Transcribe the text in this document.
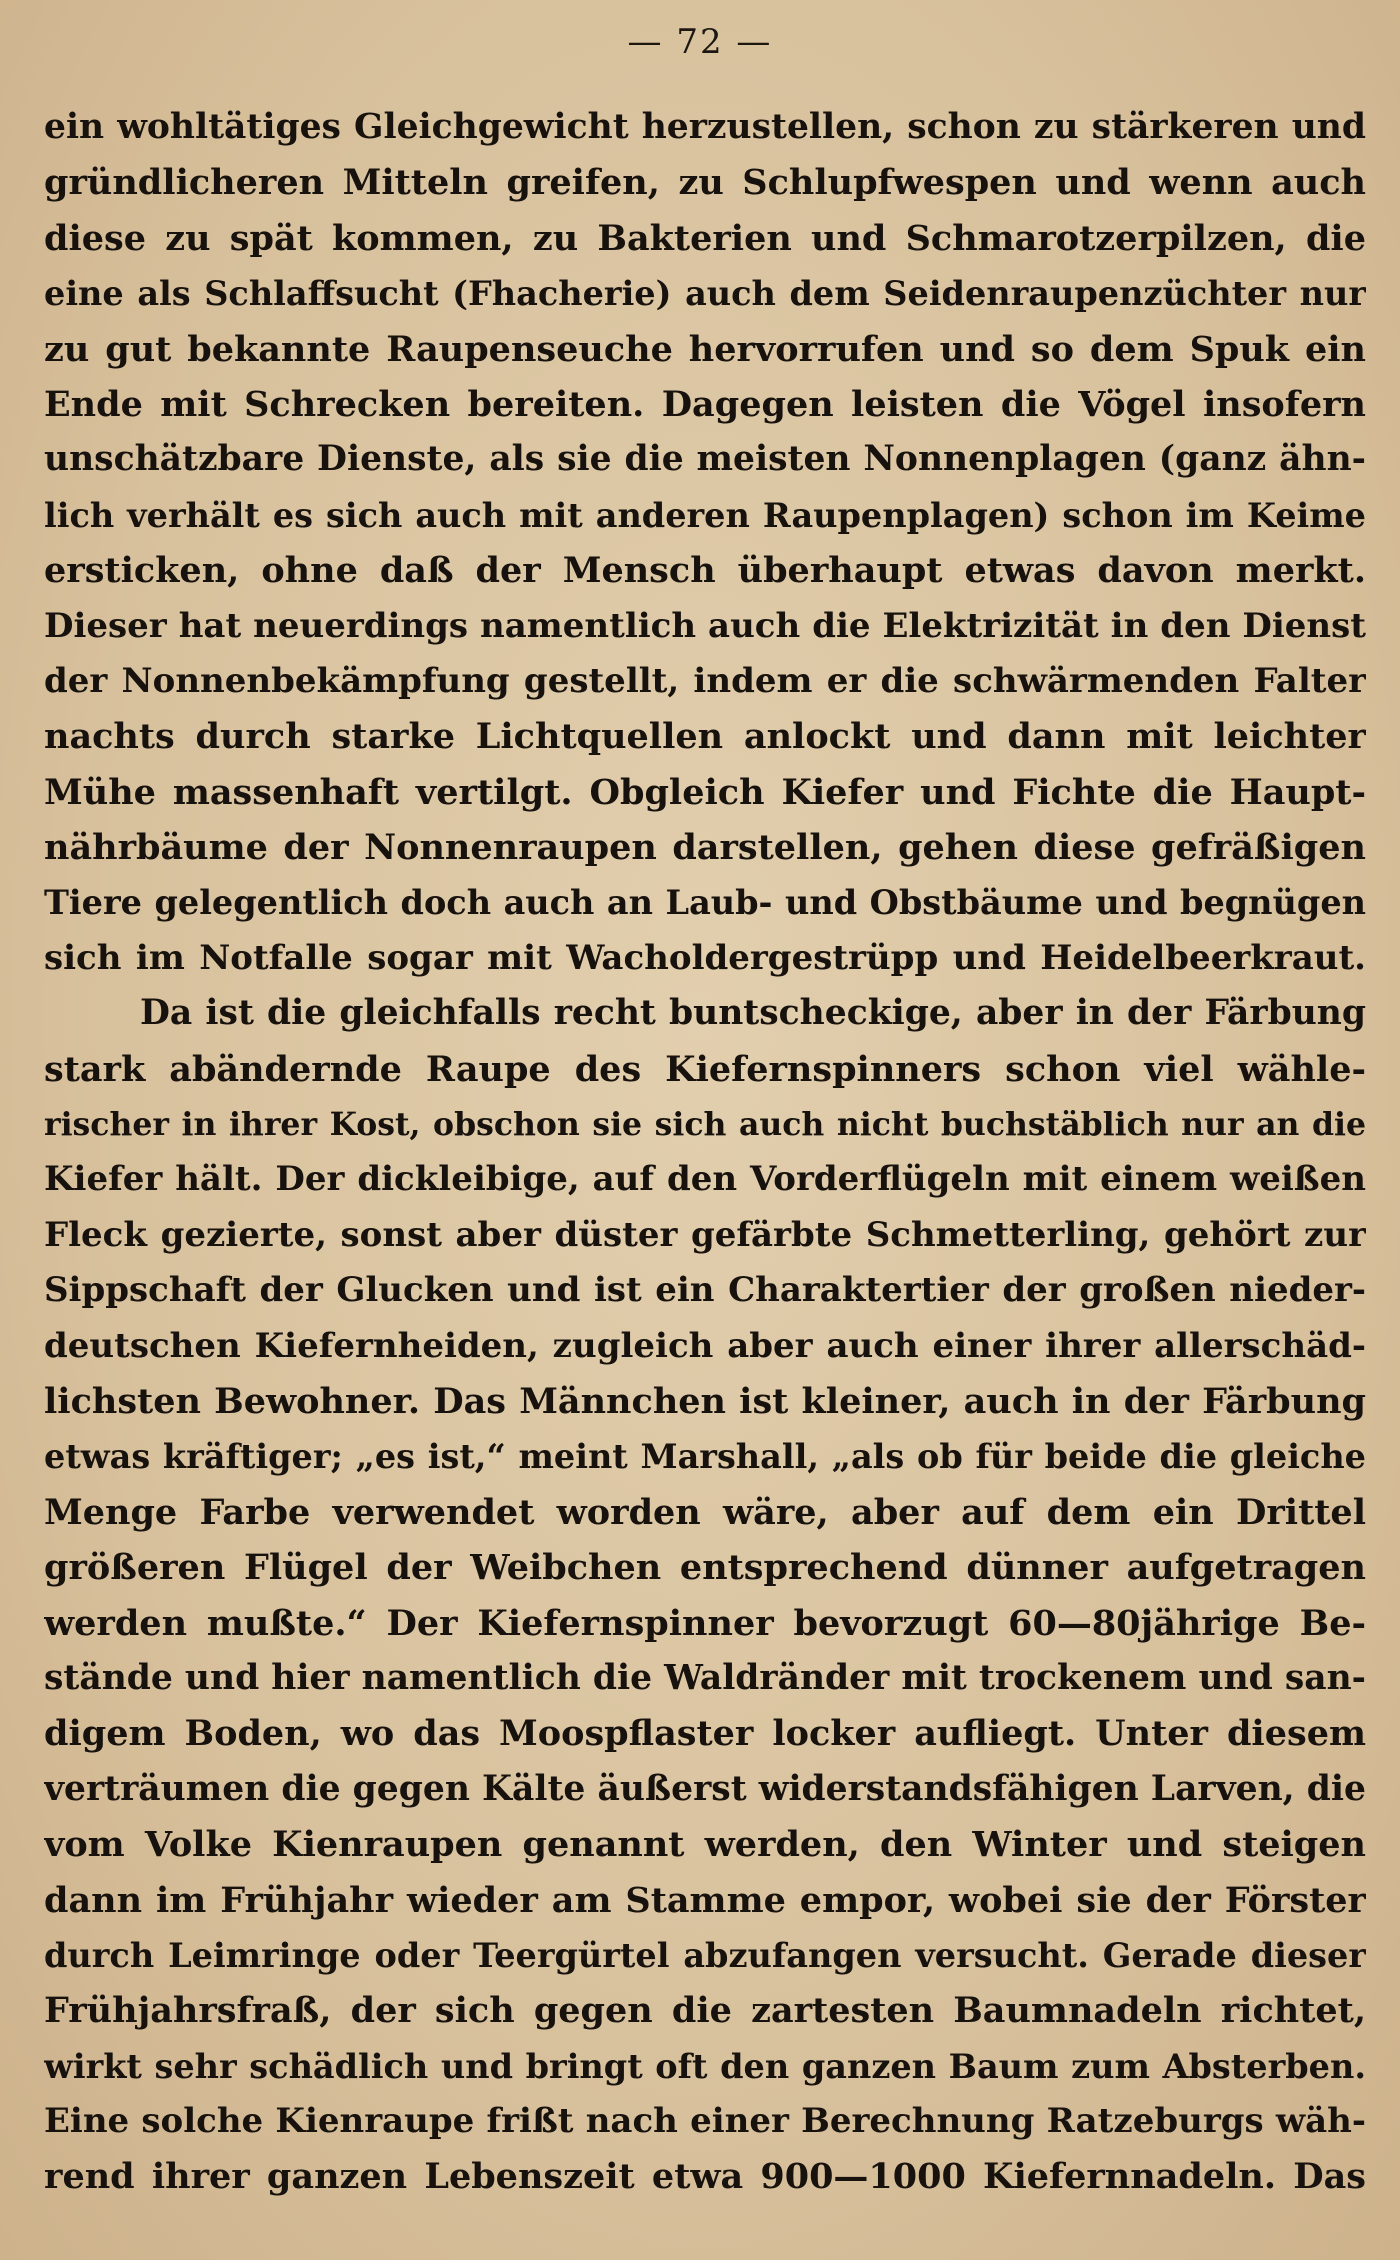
— 72 —
ein wohltätiges Gleichgewicht herzustellen, schon zu stärkeren und
gründlicheren Mitteln greifen, zu Schlupfwespen und wenn auch
diese zu spät kommen, zu Bakterien und Schmarotzerpilzen, die
eine als Schlaffsucht (Fhacherie) auch dem Seidenraupenzüchter nur
zu gut bekannte Raupenseuche hervorrufen und so dem Spuk ein
Ende mit Schrecken bereiten. Dagegen leisten die Vögel insofern
unschätzbare Dienste, als sie die meisten Nonnenplagen (ganz ähn-
lich verhält es sich auch mit anderen Raupenplagen) schon im Keime
ersticken, ohne daß der Mensch überhaupt etwas davon merkt.
Dieser hat neuerdings namentlich auch die Elektrizität in den Dienst
der Nonnenbekämpfung gestellt, indem er die schwärmenden Falter
nachts durch starke Lichtquellen anlockt und dann mit leichter
Mühe massenhaft vertilgt. Obgleich Kiefer und Fichte die Haupt-
nährbäume der Nonnenraupen darstellen, gehen diese gefräßigen
Tiere gelegentlich doch auch an Laub- und Obstbäume und begnügen
sich im Notfalle sogar mit Wacholdergestrüpp und Heidelbeerkraut.
Da ist die gleichfalls recht buntscheckige, aber in der Färbung
stark abändernde Raupe des Kiefernspinners schon viel wähle-
rischer in ihrer Kost, obschon sie sich auch nicht buchstäblich nur an die
Kiefer hält. Der dickleibige, auf den Vorderflügeln mit einem weißen
Fleck gezierte, sonst aber düster gefärbte Schmetterling, gehört zur
Sippschaft der Glucken und ist ein Charaktertier der großen nieder-
deutschen Kiefernheiden, zugleich aber auch einer ihrer allerschäd-
lichsten Bewohner. Das Männchen ist kleiner, auch in der Färbung
etwas kräftiger; „es ist,“ meint Marshall, „als ob für beide die gleiche
Menge Farbe verwendet worden wäre, aber auf dem ein Drittel
größeren Flügel der Weibchen entsprechend dünner aufgetragen
werden mußte.“ Der Kiefernspinner bevorzugt 60—80jährige Be-
stände und hier namentlich die Waldränder mit trockenem und san-
digem Boden, wo das Moospflaster locker aufliegt. Unter diesem
verträumen die gegen Kälte äußerst widerstandsfähigen Larven, die
vom Volke Kienraupen genannt werden, den Winter und steigen
dann im Frühjahr wieder am Stamme empor, wobei sie der Förster
durch Leimringe oder Teergürtel abzufangen versucht. Gerade dieser
Frühjahrsfraß, der sich gegen die zartesten Baumnadeln richtet,
wirkt sehr schädlich und bringt oft den ganzen Baum zum Absterben.
Eine solche Kienraupe frißt nach einer Berechnung Ratzeburgs wäh-
rend ihrer ganzen Lebenszeit etwa 900—1000 Kiefernnadeln. Das
